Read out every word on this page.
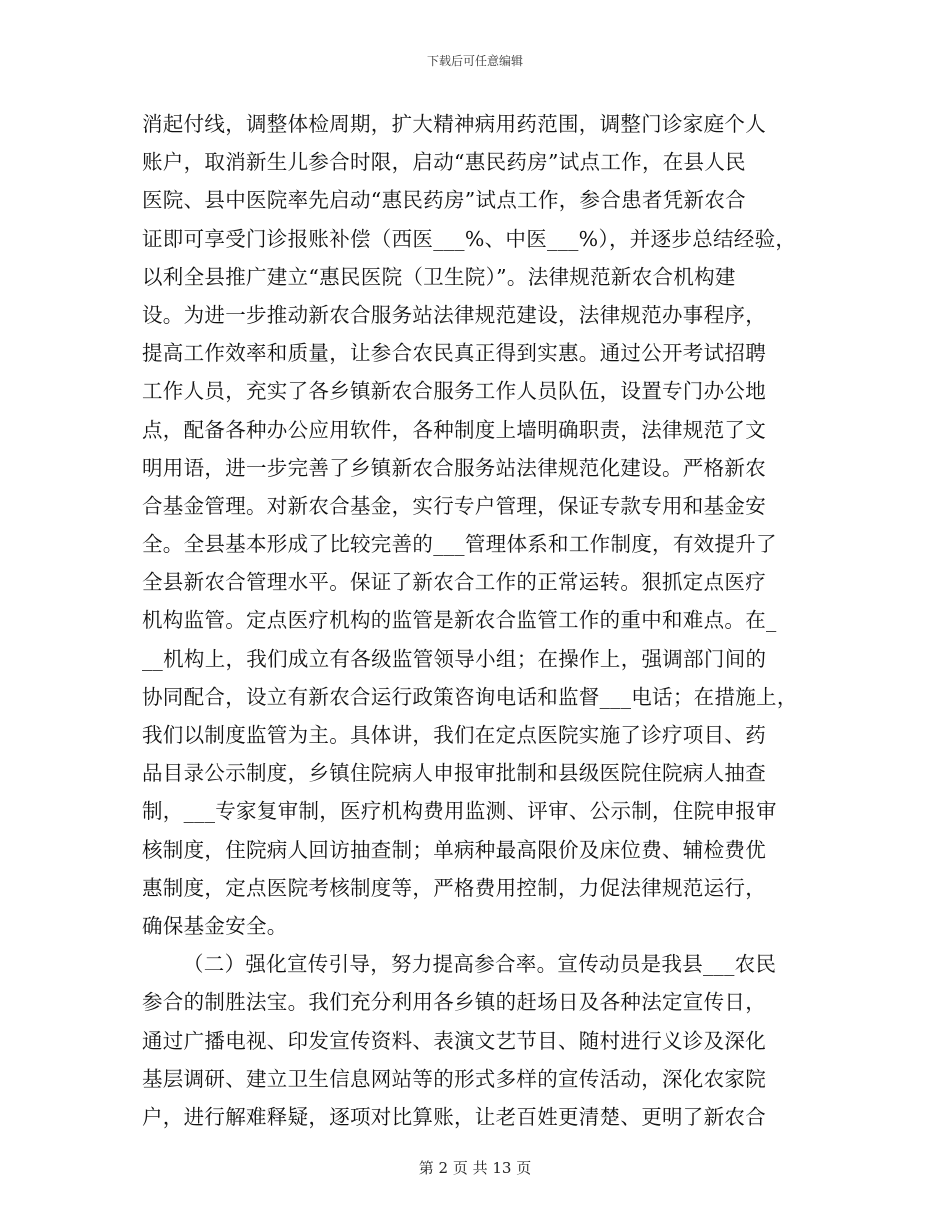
下载后可任意编辑
消起付线，调整体检周期，扩大精神病用药范围，调整门诊家庭个人
账户，取消新生儿参合时限，启动“惠民药房”试点工作，在县人民
医院、县中医院率先启动“惠民药房”试点工作，参合患者凭新农合
证即可享受门诊报账补偿（西医___%、中医___%），并逐步总结经验，
以利全县推广建立“惠民医院（卫生院）”。法律规范新农合机构建
设。为进一步推动新农合服务站法律规范建设，法律规范办事程序，
提高工作效率和质量，让参合农民真正得到实惠。通过公开考试招聘
工作人员，充实了各乡镇新农合服务工作人员队伍，设置专门办公地
点，配备各种办公应用软件，各种制度上墙明确职责，法律规范了文
明用语，进一步完善了乡镇新农合服务站法律规范化建设。严格新农
合基金管理。对新农合基金，实行专户管理，保证专款专用和基金安
全。全县基本形成了比较完善的___管理体系和工作制度，有效提升了
全县新农合管理水平。保证了新农合工作的正常运转。狠抓定点医疗
机构监管。定点医疗机构的监管是新农合监管工作的重中和难点。在_
__机构上，我们成立有各级监管领导小组；在操作上，强调部门间的
协同配合，设立有新农合运行政策咨询电话和监督___电话；在措施上，
我们以制度监管为主。具体讲，我们在定点医院实施了诊疗项目、药
品目录公示制度，乡镇住院病人申报审批制和县级医院住院病人抽查
制，___专家复审制，医疗机构费用监测、评审、公示制，住院申报审
核制度，住院病人回访抽查制；单病种最高限价及床位费、辅检费优
惠制度，定点医院考核制度等，严格费用控制，力促法律规范运行，
确保基金安全。
（二）强化宣传引导，努力提高参合率。宣传动员是我县___农民
参合的制胜法宝。我们充分利用各乡镇的赶场日及各种法定宣传日，
通过广播电视、印发宣传资料、表演文艺节目、随村进行义诊及深化
基层调研、建立卫生信息网站等的形式多样的宣传活动，深化农家院
户，进行解难释疑，逐项对比算账，让老百姓更清楚、更明了新农合
第 2 页 共 13 页
